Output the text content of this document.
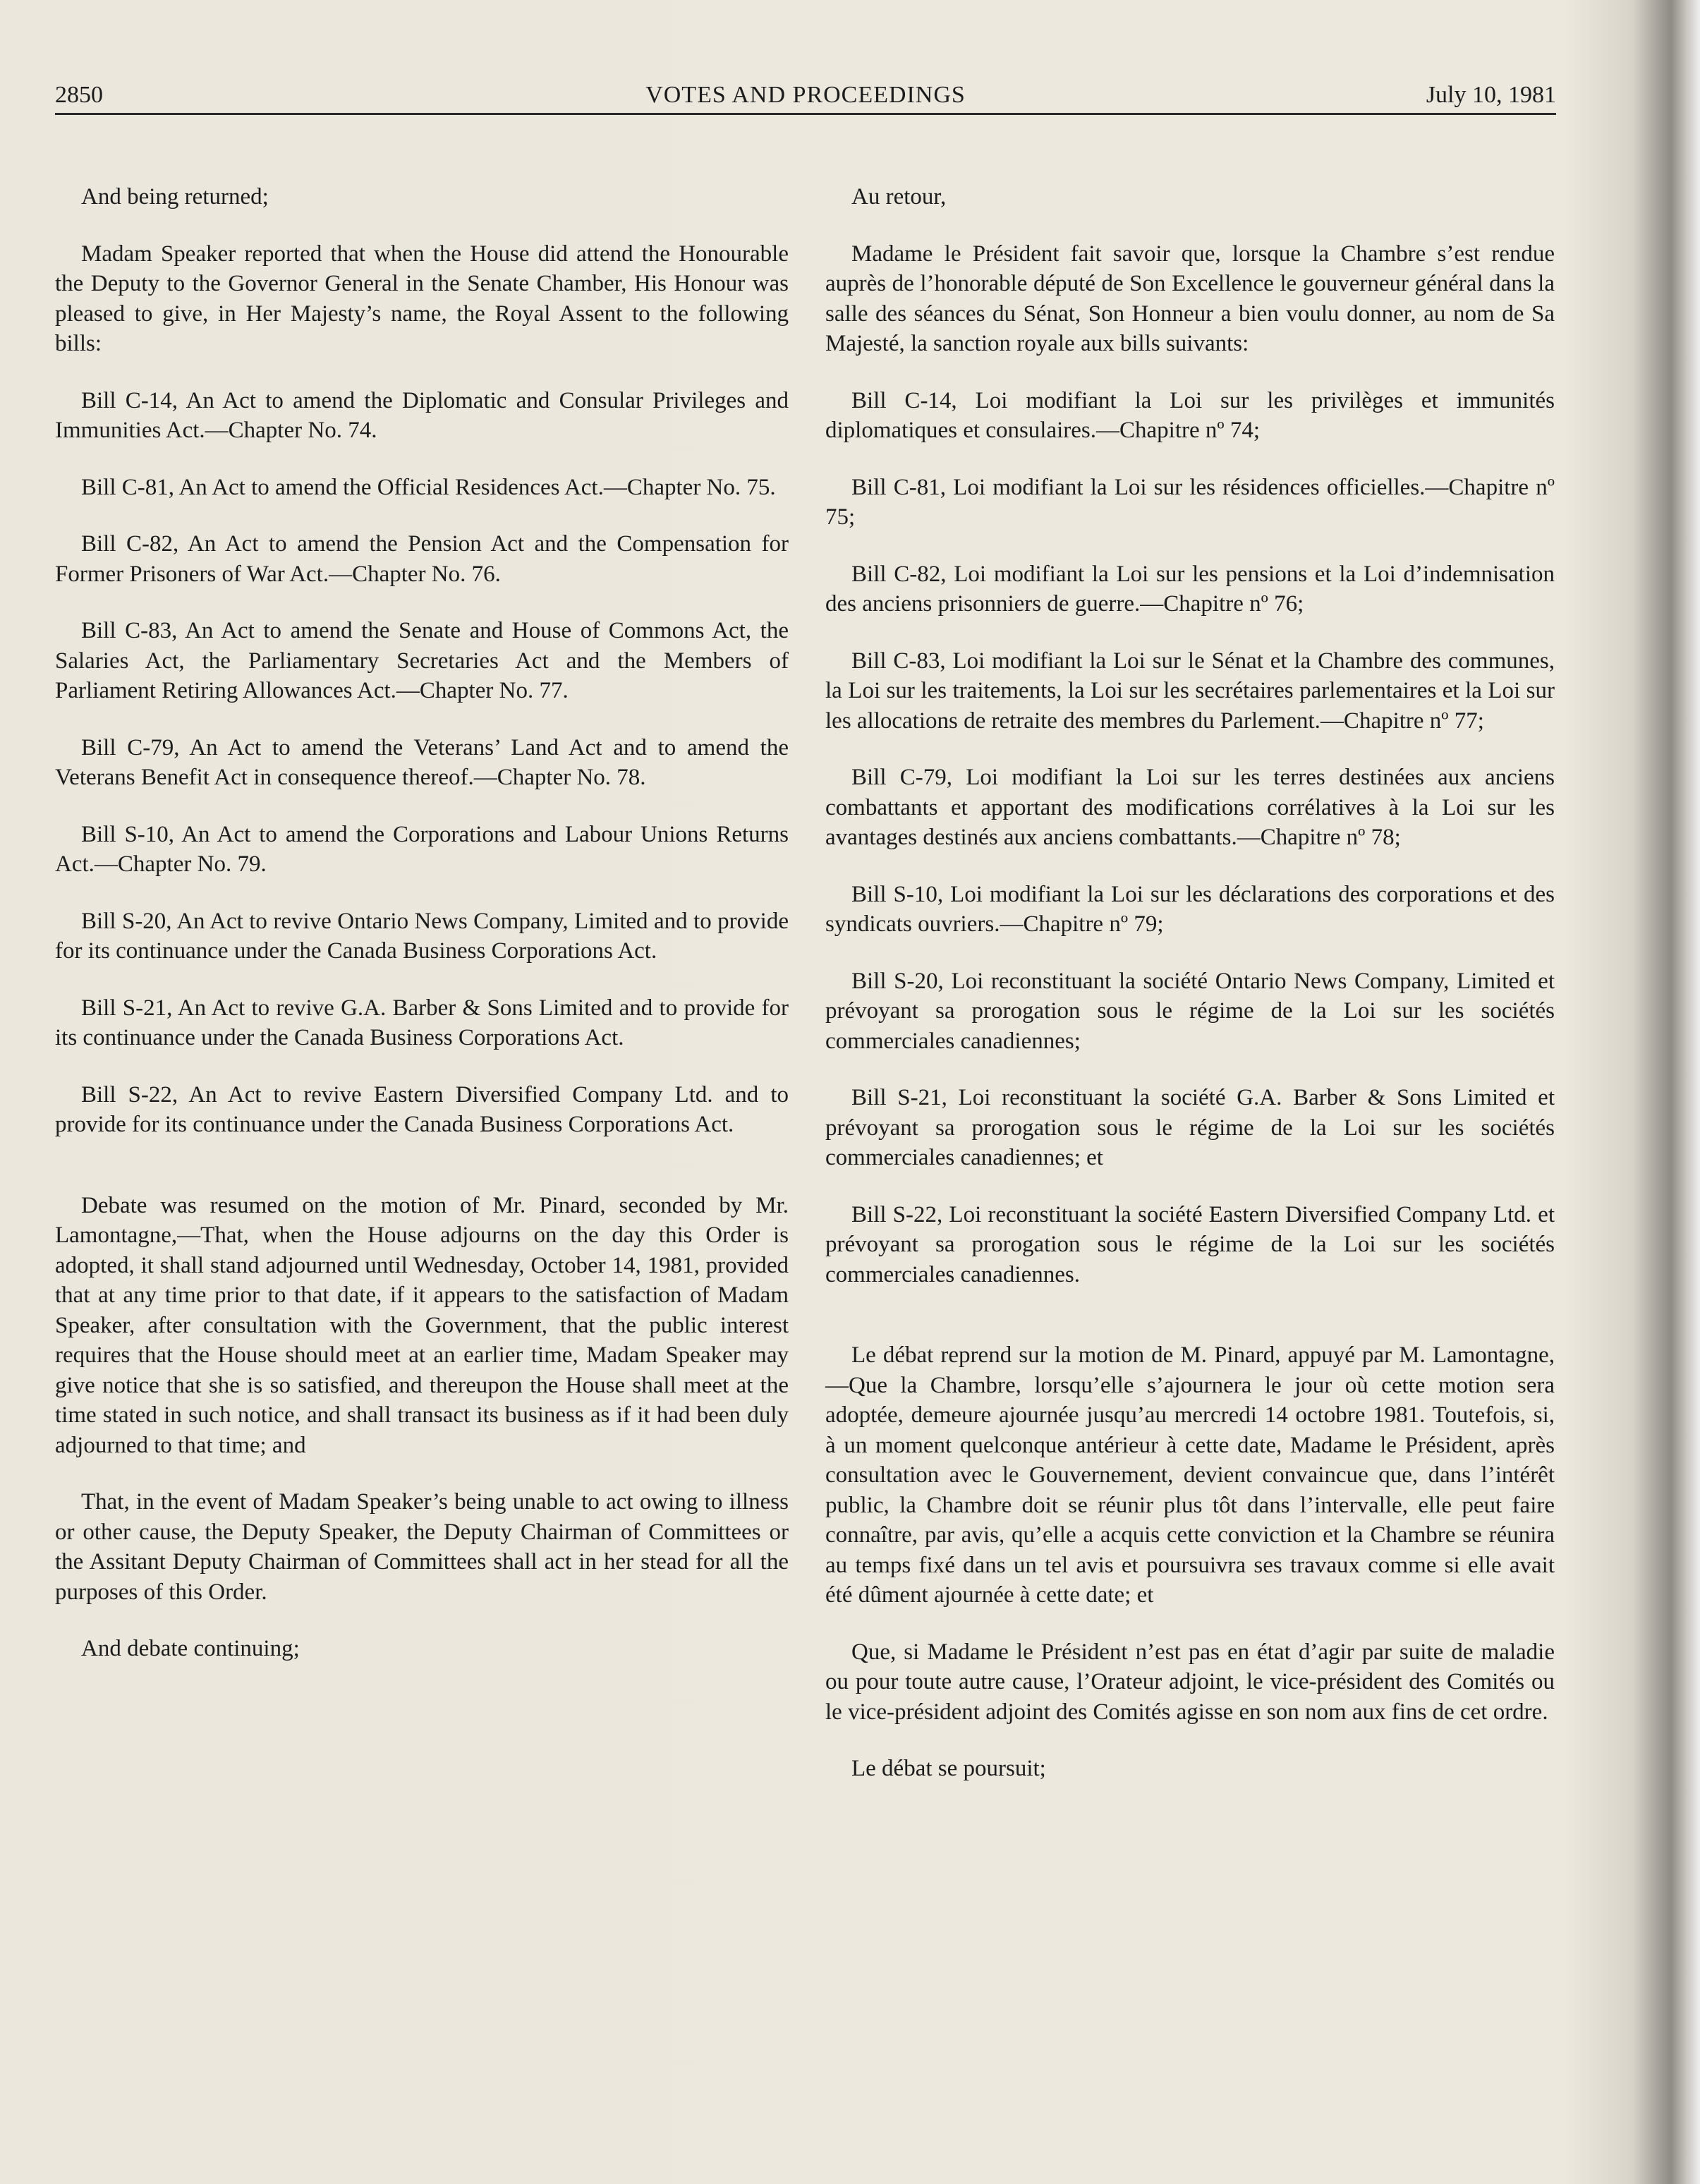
2850	VOTES AND PROCEEDINGS	July 10, 1981

And being returned;

Madam Speaker reported that when the House did attend the Honourable the Deputy to the Governor General in the Senate Chamber, His Honour was pleased to give, in Her Majesty’s name, the Royal Assent to the following bills:

Bill C-14, An Act to amend the Diplomatic and Consular Privileges and Immunities Act.—Chapter No. 74.

Bill C-81, An Act to amend the Official Residences Act.—Chapter No. 75.

Bill C-82, An Act to amend the Pension Act and the Compensation for Former Prisoners of War Act.—Chapter No. 76.

Bill C-83, An Act to amend the Senate and House of Commons Act, the Salaries Act, the Parliamentary Secretaries Act and the Members of Parliament Retiring Allowances Act.—Chapter No. 77.

Bill C-79, An Act to amend the Veterans’ Land Act and to amend the Veterans Benefit Act in consequence thereof.—Chapter No. 78.

Bill S-10, An Act to amend the Corporations and Labour Unions Returns Act.—Chapter No. 79.

Bill S-20, An Act to revive Ontario News Company, Limited and to provide for its continuance under the Canada Business Corporations Act.

Bill S-21, An Act to revive G.A. Barber & Sons Limited and to provide for its continuance under the Canada Business Corporations Act.

Bill S-22, An Act to revive Eastern Diversified Company Ltd. and to provide for its continuance under the Canada Business Corporations Act.

Debate was resumed on the motion of Mr. Pinard, seconded by Mr. Lamontagne,—That, when the House adjourns on the day this Order is adopted, it shall stand adjourned until Wednesday, October 14, 1981, provided that at any time prior to that date, if it appears to the satisfaction of Madam Speaker, after consultation with the Government, that the public interest requires that the House should meet at an earlier time, Madam Speaker may give notice that she is so satisfied, and thereupon the House shall meet at the time stated in such notice, and shall transact its business as if it had been duly adjourned to that time; and

That, in the event of Madam Speaker’s being unable to act owing to illness or other cause, the Deputy Speaker, the Deputy Chairman of Committees or the Assitant Deputy Chairman of Committees shall act in her stead for all the purposes of this Order.

And debate continuing;

Au retour,

Madame le Président fait savoir que, lorsque la Chambre s’est rendue auprès de l’honorable député de Son Excellence le gouverneur général dans la salle des séances du Sénat, Son Honneur a bien voulu donner, au nom de Sa Majesté, la sanction royale aux bills suivants:

Bill C-14, Loi modifiant la Loi sur les privilèges et immunités diplomatiques et consulaires.—Chapitre nº 74;

Bill C-81, Loi modifiant la Loi sur les résidences officielles.—Chapitre nº 75;

Bill C-82, Loi modifiant la Loi sur les pensions et la Loi d’indemnisation des anciens prisonniers de guerre.—Chapitre nº 76;

Bill C-83, Loi modifiant la Loi sur le Sénat et la Chambre des communes, la Loi sur les traitements, la Loi sur les secrétaires parlementaires et la Loi sur les allocations de retraite des membres du Parlement.—Chapitre nº 77;

Bill C-79, Loi modifiant la Loi sur les terres destinées aux anciens combattants et apportant des modifications corrélatives à la Loi sur les avantages destinés aux anciens combattants.—Chapitre nº 78;

Bill S-10, Loi modifiant la Loi sur les déclarations des corporations et des syndicats ouvriers.—Chapitre nº 79;

Bill S-20, Loi reconstituant la société Ontario News Company, Limited et prévoyant sa prorogation sous le régime de la Loi sur les sociétés commerciales canadiennes;

Bill S-21, Loi reconstituant la société G.A. Barber & Sons Limited et prévoyant sa prorogation sous le régime de la Loi sur les sociétés commerciales canadiennes; et

Bill S-22, Loi reconstituant la société Eastern Diversified Company Ltd. et prévoyant sa prorogation sous le régime de la Loi sur les sociétés commerciales canadiennes.

Le débat reprend sur la motion de M. Pinard, appuyé par M. Lamontagne,—Que la Chambre, lorsqu’elle s’ajournera le jour où cette motion sera adoptée, demeure ajournée jusqu’au mercredi 14 octobre 1981. Toutefois, si, à un moment quelconque antérieur à cette date, Madame le Président, après consultation avec le Gouvernement, devient convaincue que, dans l’intérêt public, la Chambre doit se réunir plus tôt dans l’intervalle, elle peut faire connaître, par avis, qu’elle a acquis cette conviction et la Chambre se réunira au temps fixé dans un tel avis et poursuivra ses travaux comme si elle avait été dûment ajournée à cette date; et

Que, si Madame le Président n’est pas en état d’agir par suite de maladie ou pour toute autre cause, l’Orateur adjoint, le vice-président des Comités ou le vice-président adjoint des Comités agisse en son nom aux fins de cet ordre.

Le débat se poursuit;
